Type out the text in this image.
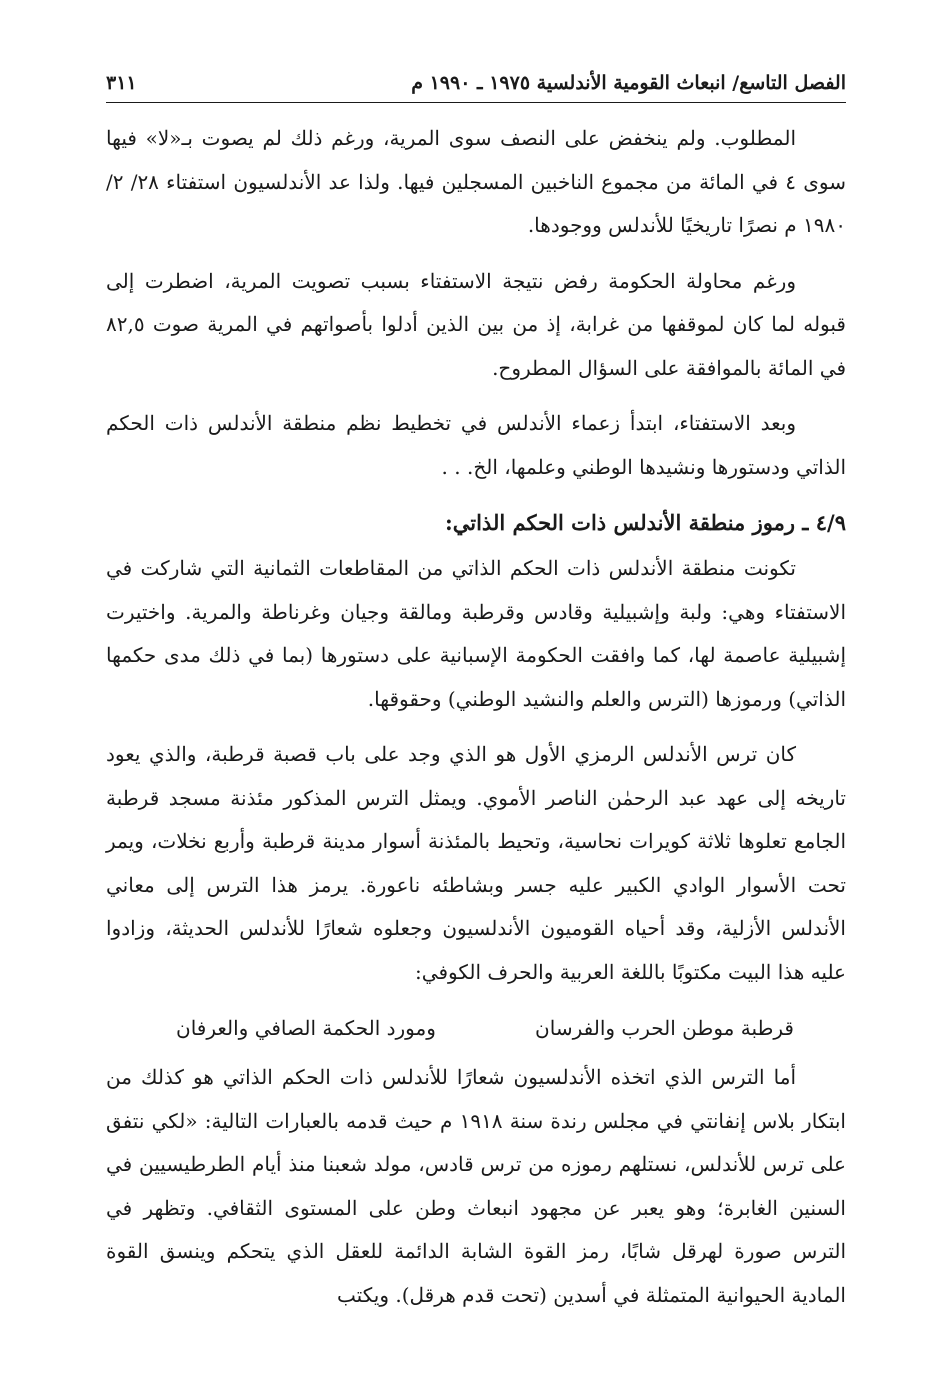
الفصل التاسع/ انبعاث القومية الأندلسية ١٩٧٥ ـ ١٩٩٠ م
٣١١

المطلوب. ولم ينخفض على النصف سوى المرية، ورغم ذلك لم يصوت بـ«لا» فيها سوى ٤ في المائة من مجموع الناخبين المسجلين فيها. ولذا عد الأندلسيون استفتاء ٢٨/ ٢/ ١٩٨٠ م نصرًا تاريخيًا للأندلس ووجودها.

ورغم محاولة الحكومة رفض نتيجة الاستفتاء بسبب تصويت المرية، اضطرت إلى قبوله لما كان لموقفها من غرابة، إذ من بين الذين أدلوا بأصواتهم في المرية صوت ٨٢,٥ في المائة بالموافقة على السؤال المطروح.

وبعد الاستفتاء، ابتدأ زعماء الأندلس في تخطيط نظم منطقة الأندلس ذات الحكم الذاتي ودستورها ونشيدها الوطني وعلمها، الخ. . .

٤/٩ ـ رموز منطقة الأندلس ذات الحكم الذاتي:

تكونت منطقة الأندلس ذات الحكم الذاتي من المقاطعات الثمانية التي شاركت في الاستفتاء وهي: ولبة وإشبيلية وقادس وقرطبة ومالقة وجيان وغرناطة والمرية. واختيرت إشبيلية عاصمة لها، كما وافقت الحكومة الإسبانية على دستورها (بما في ذلك مدى حكمها الذاتي) ورموزها (الترس والعلم والنشيد الوطني) وحقوقها.

كان ترس الأندلس الرمزي الأول هو الذي وجد على باب قصبة قرطبة، والذي يعود تاريخه إلى عهد عبد الرحمٰن الناصر الأموي. ويمثل الترس المذكور مئذنة مسجد قرطبة الجامع تعلوها ثلاثة كويرات نحاسية، وتحيط بالمئذنة أسوار مدينة قرطبة وأربع نخلات، ويمر تحت الأسوار الوادي الكبير عليه جسر وبشاطئه ناعورة. يرمز هذا الترس إلى معاني الأندلس الأزلية، وقد أحياه القوميون الأندلسيون وجعلوه شعارًا للأندلس الحديثة، وزادوا عليه هذا البيت مكتوبًا باللغة العربية والحرف الكوفي:

قرطبة موطن الحرب والفرسان
ومورد الحكمة الصافي والعرفان

أما الترس الذي اتخذه الأندلسيون شعارًا للأندلس ذات الحكم الذاتي هو كذلك من ابتكار بلاس إنفانتي في مجلس رندة سنة ١٩١٨ م حيث قدمه بالعبارات التالية: «لكي نتفق على ترس للأندلس، نستلهم رموزه من ترس قادس، مولد شعبنا منذ أيام الطرطيسيين في السنين الغابرة؛ وهو يعبر عن مجهود انبعاث وطن على المستوى الثقافي. وتظهر في الترس صورة لهرقل شابًا، رمز القوة الشابة الدائمة للعقل الذي يتحكم وينسق القوة المادية الحيوانية المتمثلة في أسدين (تحت قدم هرقل). ويكتب
